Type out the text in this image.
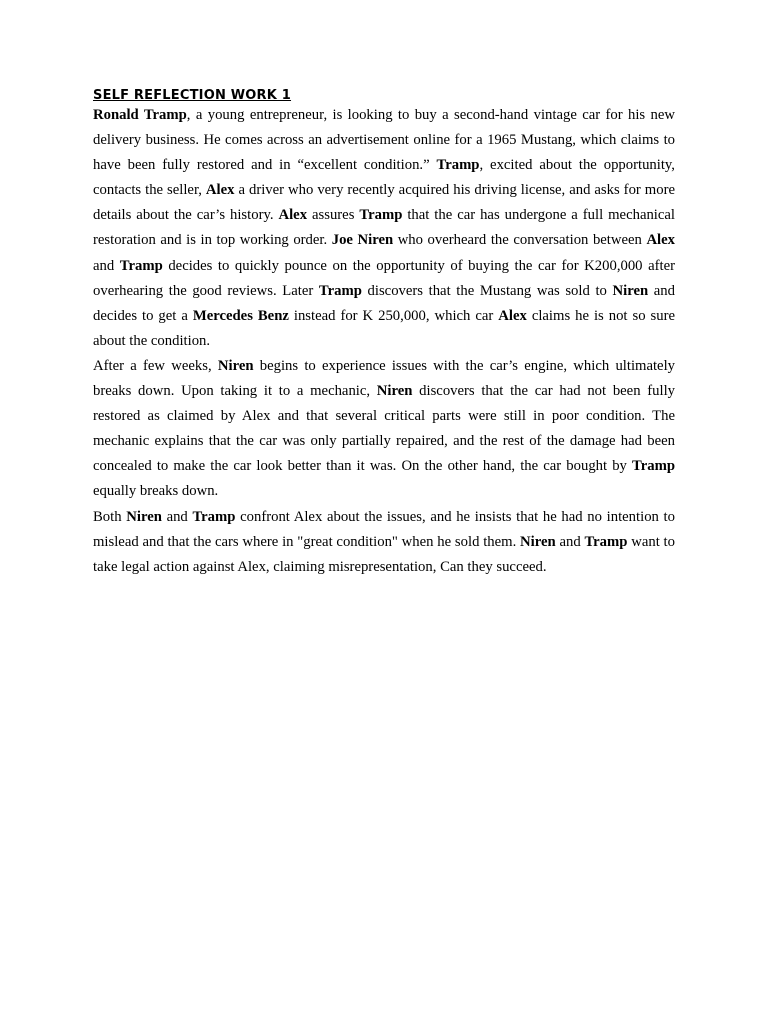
SELF REFLECTION WORK 1

Ronald Tramp, a young entrepreneur, is looking to buy a second-hand vintage car for his new delivery business. He comes across an advertisement online for a 1965 Mustang, which claims to have been fully restored and in “excellent condition.” Tramp, excited about the opportunity, contacts the seller, Alex a driver who very recently acquired his driving license, and asks for more details about the car’s history. Alex assures Tramp that the car has undergone a full mechanical restoration and is in top working order. Joe Niren who overheard the conversation between Alex and Tramp decides to quickly pounce on the opportunity of buying the car for K200,000 after overhearing the good reviews. Later Tramp discovers that the Mustang was sold to Niren and decides to get a Mercedes Benz instead for K 250,000, which car Alex claims he is not so sure about the condition.

After a few weeks, Niren begins to experience issues with the car’s engine, which ultimately breaks down. Upon taking it to a mechanic, Niren discovers that the car had not been fully restored as claimed by Alex and that several critical parts were still in poor condition. The mechanic explains that the car was only partially repaired, and the rest of the damage had been concealed to make the car look better than it was. On the other hand, the car bought by Tramp equally breaks down.

Both Niren and Tramp confront Alex about the issues, and he insists that he had no intention to mislead and that the cars where in "great condition" when he sold them. Niren and Tramp want to take legal action against Alex, claiming misrepresentation, Can they succeed.
